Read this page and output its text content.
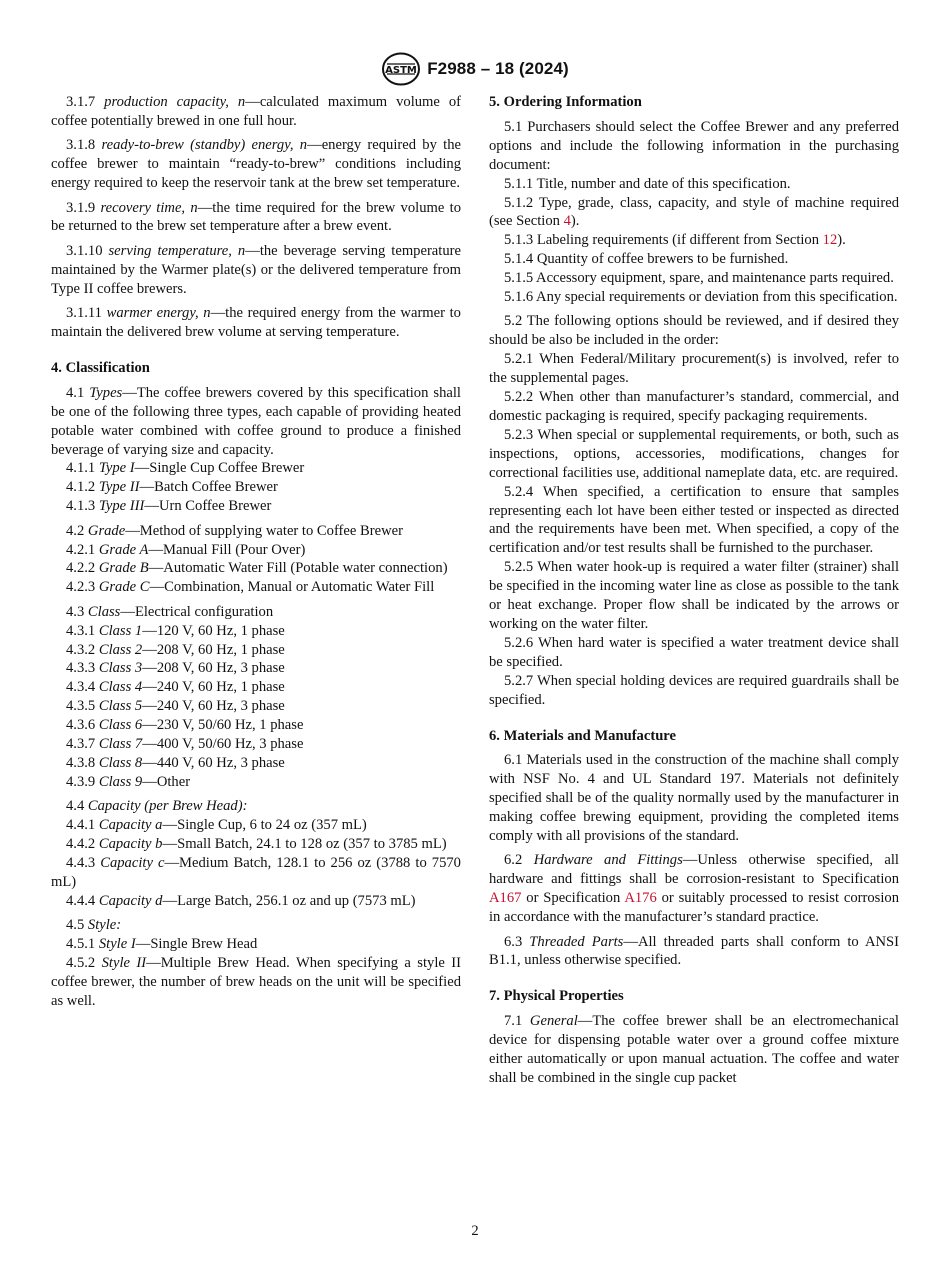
ASTM F2988 – 18 (2024)

3.1.7 production capacity, n—calculated maximum volume of coffee potentially brewed in one full hour.

3.1.8 ready-to-brew (standby) energy, n—energy required by the coffee brewer to maintain “ready-to-brew” conditions including energy required to keep the reservoir tank at the brew set temperature.

3.1.9 recovery time, n—the time required for the brew volume to be returned to the brew set temperature after a brew event.

3.1.10 serving temperature, n—the beverage serving temperature maintained by the Warmer plate(s) or the delivered temperature from Type II coffee brewers.

3.1.11 warmer energy, n—the required energy from the warmer to maintain the delivered brew volume at serving temperature.

4. Classification

4.1 Types—The coffee brewers covered by this specification shall be one of the following three types, each capable of providing heated potable water combined with coffee ground to produce a finished beverage of varying size and capacity.

4.1.1 Type I—Single Cup Coffee Brewer

4.1.2 Type II—Batch Coffee Brewer

4.1.3 Type III—Urn Coffee Brewer

4.2 Grade—Method of supplying water to Coffee Brewer

4.2.1 Grade A—Manual Fill (Pour Over)

4.2.2 Grade B—Automatic Water Fill (Potable water connection)

4.2.3 Grade C—Combination, Manual or Automatic Water Fill

4.3 Class—Electrical configuration

4.3.1 Class 1—120 V, 60 Hz, 1 phase

4.3.2 Class 2—208 V, 60 Hz, 1 phase

4.3.3 Class 3—208 V, 60 Hz, 3 phase

4.3.4 Class 4—240 V, 60 Hz, 1 phase

4.3.5 Class 5—240 V, 60 Hz, 3 phase

4.3.6 Class 6—230 V, 50/60 Hz, 1 phase

4.3.7 Class 7—400 V, 50/60 Hz, 3 phase

4.3.8 Class 8—440 V, 60 Hz, 3 phase

4.3.9 Class 9—Other

4.4 Capacity (per Brew Head):

4.4.1 Capacity a—Single Cup, 6 to 24 oz (357 mL)

4.4.2 Capacity b—Small Batch, 24.1 to 128 oz (357 to 3785 mL)

4.4.3 Capacity c—Medium Batch, 128.1 to 256 oz (3788 to 7570 mL)

4.4.4 Capacity d—Large Batch, 256.1 oz and up (7573 mL)

4.5 Style:

4.5.1 Style I—Single Brew Head

4.5.2 Style II—Multiple Brew Head. When specifying a style II coffee brewer, the number of brew heads on the unit will be specified as well.

5. Ordering Information

5.1 Purchasers should select the Coffee Brewer and any preferred options and include the following information in the purchasing document:

5.1.1 Title, number and date of this specification.

5.1.2 Type, grade, class, capacity, and style of machine required (see Section 4).

5.1.3 Labeling requirements (if different from Section 12).

5.1.4 Quantity of coffee brewers to be furnished.

5.1.5 Accessory equipment, spare, and maintenance parts required.

5.1.6 Any special requirements or deviation from this specification.

5.2 The following options should be reviewed, and if desired they should be also be included in the order:

5.2.1 When Federal/Military procurement(s) is involved, refer to the supplemental pages.

5.2.2 When other than manufacturer’s standard, commercial, and domestic packaging is required, specify packaging requirements.

5.2.3 When special or supplemental requirements, or both, such as inspections, options, accessories, modifications, changes for correctional facilities use, additional nameplate data, etc. are required.

5.2.4 When specified, a certification to ensure that samples representing each lot have been either tested or inspected as directed and the requirements have been met. When specified, a copy of the certification and/or test results shall be furnished to the purchaser.

5.2.5 When water hook-up is required a water filter (strainer) shall be specified in the incoming water line as close as possible to the tank or heat exchange. Proper flow shall be indicated by the arrows or working on the water filter.

5.2.6 When hard water is specified a water treatment device shall be specified.

5.2.7 When special holding devices are required guardrails shall be specified.

6. Materials and Manufacture

6.1 Materials used in the construction of the machine shall comply with NSF No. 4 and UL Standard 197. Materials not definitely specified shall be of the quality normally used by the manufacturer in making coffee brewing equipment, providing the completed items comply with all provisions of the standard.

6.2 Hardware and Fittings—Unless otherwise specified, all hardware and fittings shall be corrosion-resistant to Specification A167 or Specification A176 or suitably processed to resist corrosion in accordance with the manufacturer’s standard practice.

6.3 Threaded Parts—All threaded parts shall conform to ANSI B1.1, unless otherwise specified.

7. Physical Properties

7.1 General—The coffee brewer shall be an electromechanical device for dispensing potable water over a ground coffee mixture either automatically or upon manual actuation. The coffee and water shall be combined in the single cup packet

2
